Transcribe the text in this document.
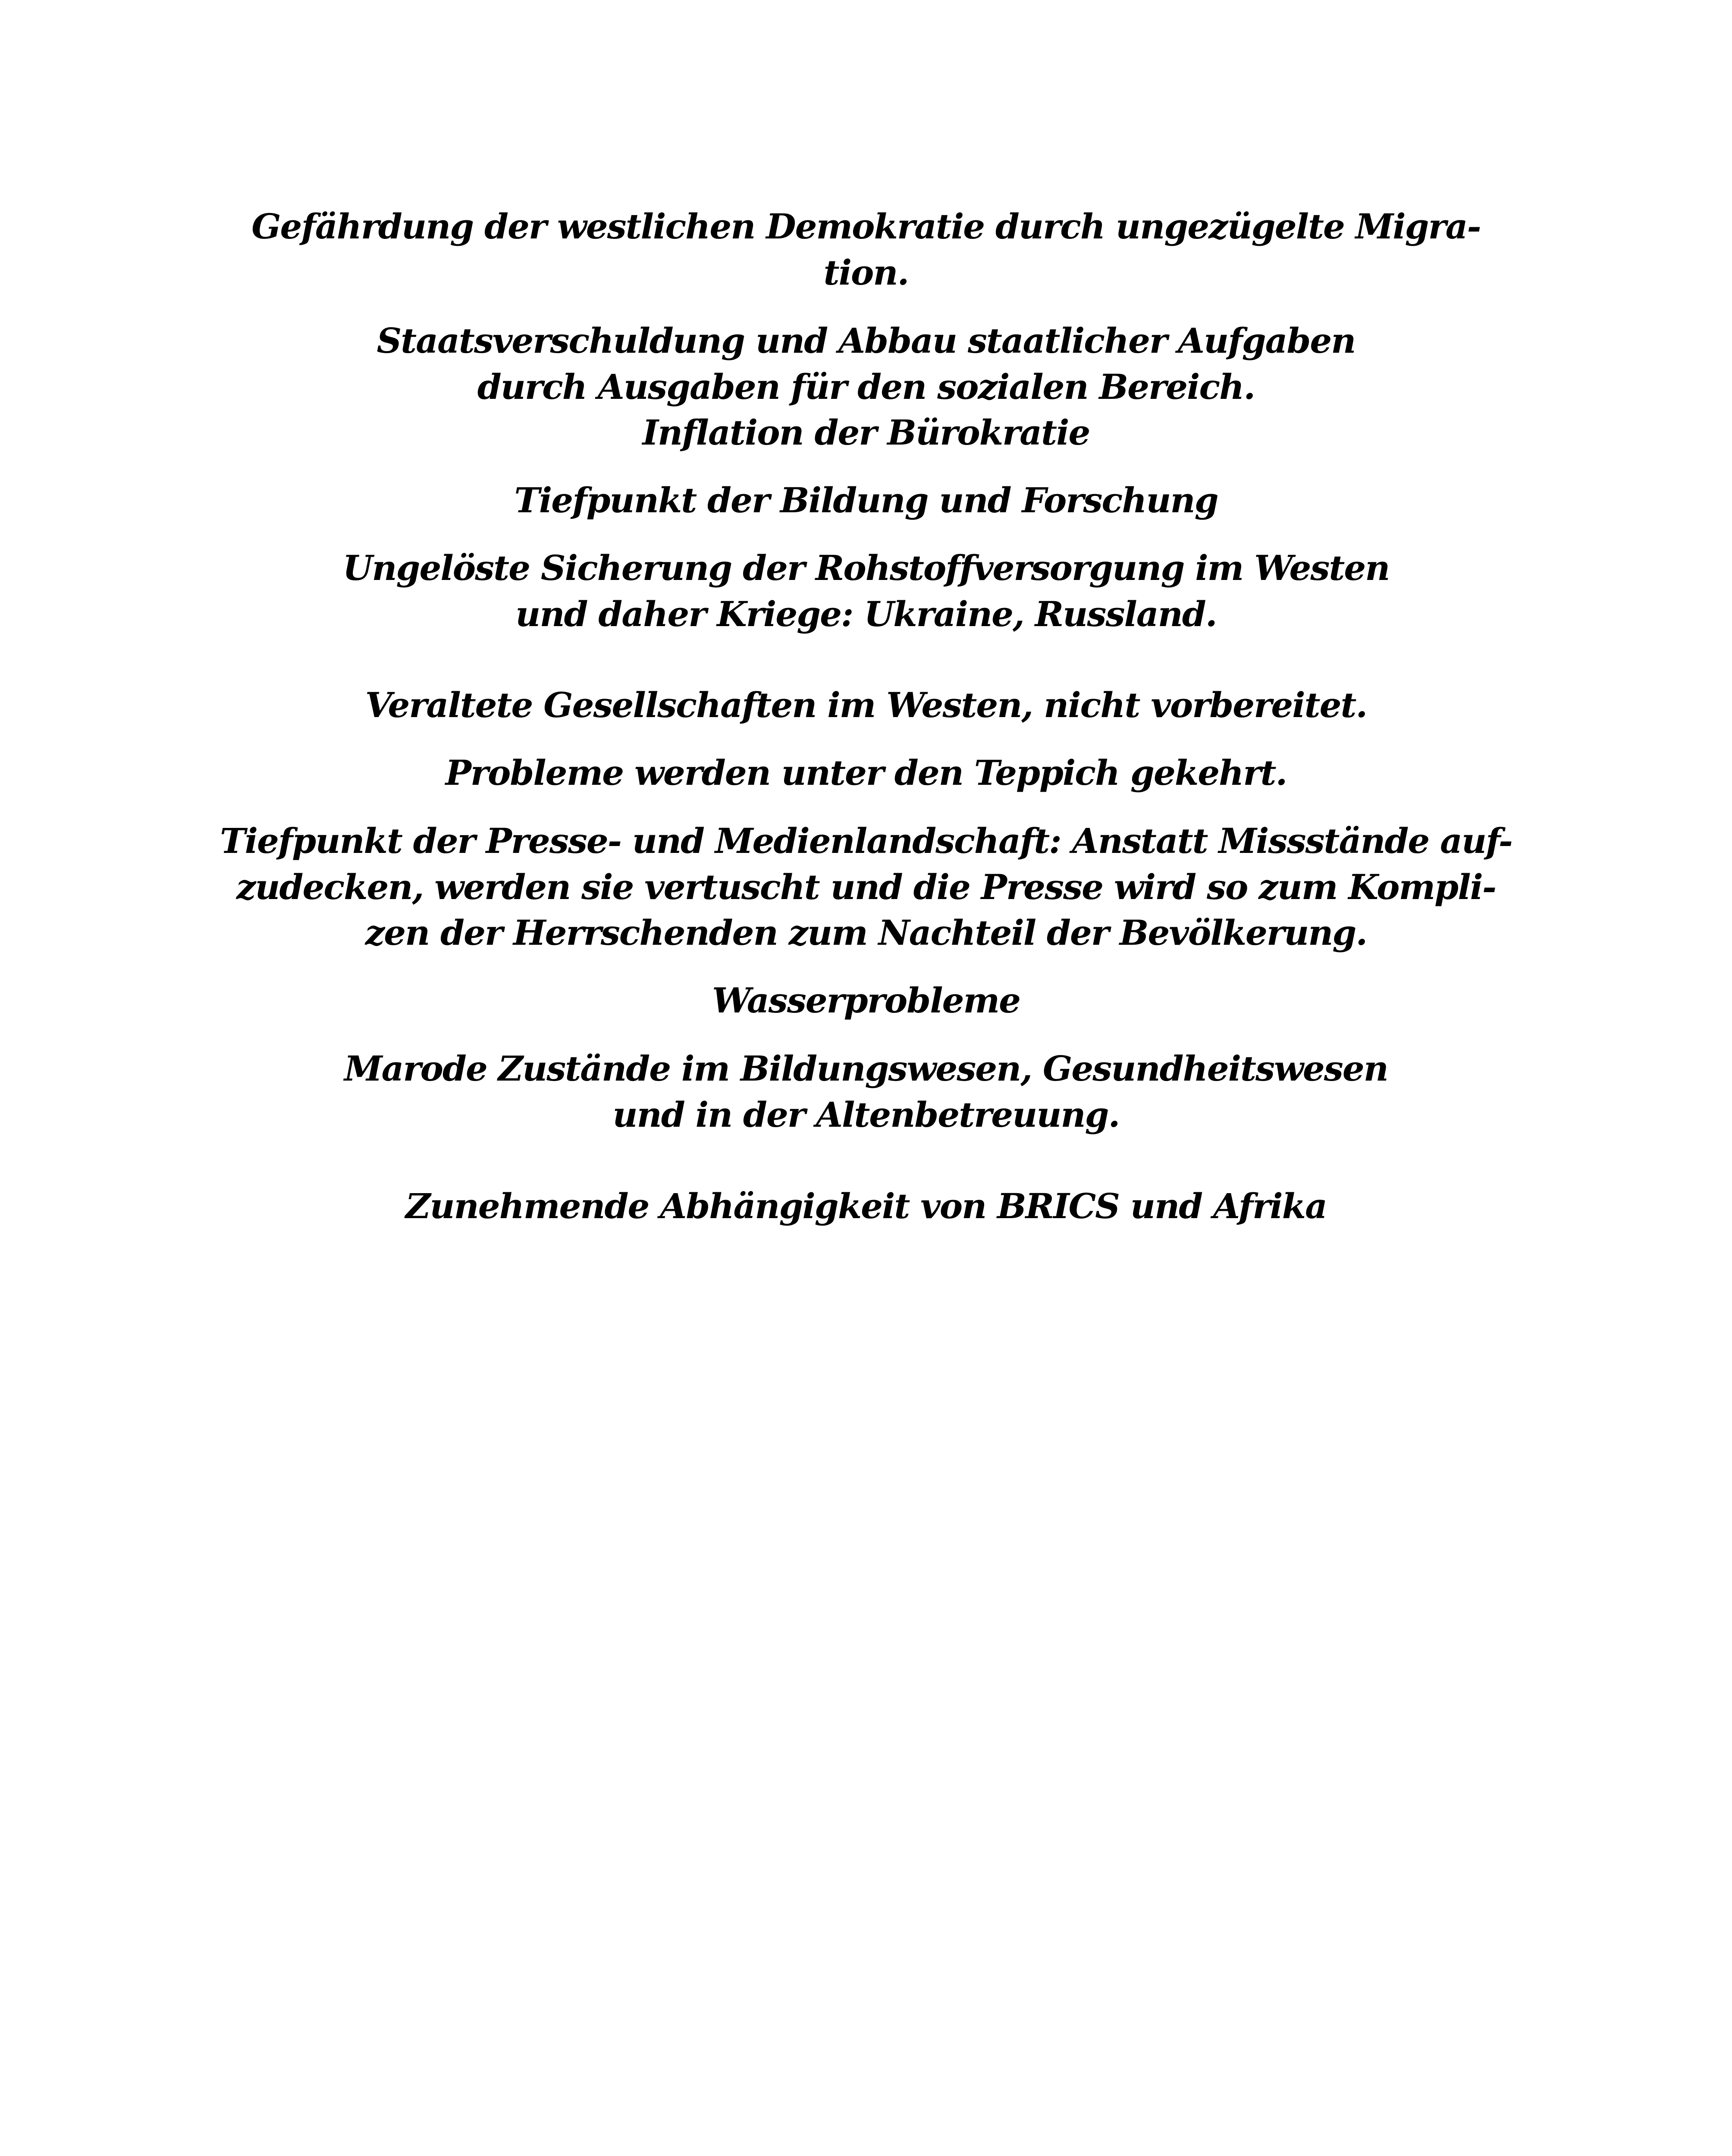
Gefährdung der westlichen Demokratie durch ungezügelte Migra-
tion.
Staatsverschuldung und Abbau staatlicher Aufgaben
durch Ausgaben für den sozialen Bereich.
Inflation der Bürokratie
Tiefpunkt der Bildung und Forschung
Ungelöste Sicherung der Rohstoffversorgung im Westen
und daher Kriege: Ukraine, Russland.
Veraltete Gesellschaften im Westen, nicht vorbereitet.
Probleme werden unter den Teppich gekehrt.
Tiefpunkt der Presse- und Medienlandschaft: Anstatt Missstände auf-
zudecken, werden sie vertuscht und die Presse wird so zum Kompli-
zen der Herrschenden zum Nachteil der Bevölkerung.
Wasserprobleme
Marode Zustände im Bildungswesen, Gesundheitswesen
und in der Altenbetreuung.
Zunehmende Abhängigkeit von BRICS und Afrika
